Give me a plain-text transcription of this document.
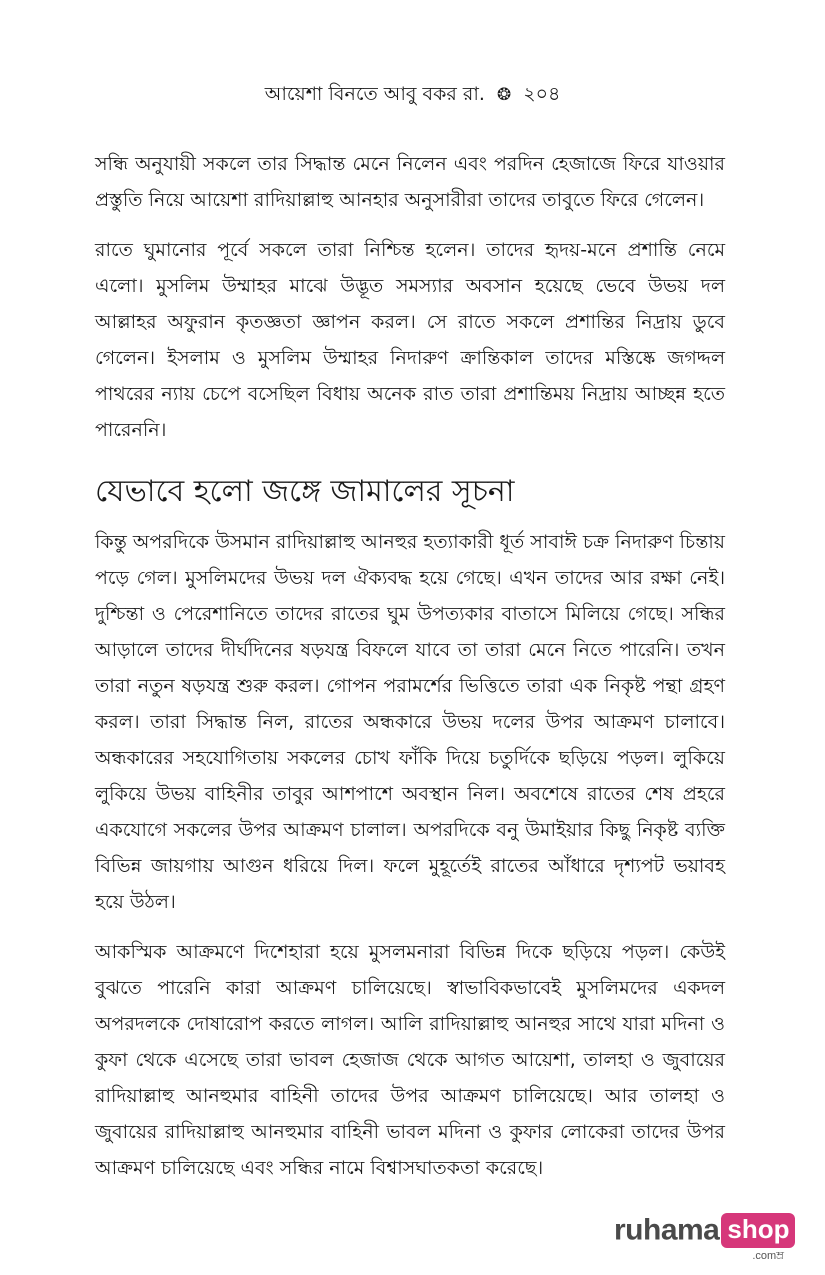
আয়েশা বিনতে আবু বকর রা. ❂ ২০৪

সন্ধি অনুযায়ী সকলে তার সিদ্ধান্ত মেনে নিলেন এবং পরদিন হেজাজে ফিরে যাওয়ার প্রস্তুতি নিয়ে আয়েশা রাদিয়াল্লাহু আনহার অনুসারীরা তাদের তাবুতে ফিরে গেলেন।

রাতে ঘুমানোর পূর্বে সকলে তারা নিশ্চিন্ত হলেন। তাদের হৃদয়-মনে প্রশান্তি নেমে এলো। মুসলিম উম্মাহর মাঝে উদ্ভূত সমস্যার অবসান হয়েছে ভেবে উভয় দল আল্লাহর অফুরান কৃতজ্ঞতা জ্ঞাপন করল। সে রাতে সকলে প্রশান্তির নিদ্রায় ডুবে গেলেন। ইসলাম ও মুসলিম উম্মাহর নিদারুণ ক্রান্তিকাল তাদের মস্তিষ্কে জগদ্দল পাথরের ন্যায় চেপে বসেছিল বিধায় অনেক রাত তারা প্রশান্তিময় নিদ্রায় আচ্ছন্ন হতে পারেননি।

যেভাবে হলো জঙ্গে জামালের সূচনা

কিন্তু অপরদিকে উসমান রাদিয়াল্লাহু আনহুর হত্যাকারী ধূর্ত সাবাঈ চক্র নিদারুণ চিন্তায় পড়ে গেল। মুসলিমদের উভয় দল ঐক্যবদ্ধ হয়ে গেছে। এখন তাদের আর রক্ষা নেই। দুশ্চিন্তা ও পেরেশানিতে তাদের রাতের ঘুম উপত্যকার বাতাসে মিলিয়ে গেছে। সন্ধির আড়ালে তাদের দীর্ঘদিনের ষড়যন্ত্র বিফলে যাবে তা তারা মেনে নিতে পারেনি। তখন তারা নতুন ষড়যন্ত্র শুরু করল। গোপন পরামর্শের ভিত্তিতে তারা এক নিকৃষ্ট পন্থা গ্রহণ করল। তারা সিদ্ধান্ত নিল, রাতের অন্ধকারে উভয় দলের উপর আক্রমণ চালাবে। অন্ধকারের সহযোগিতায় সকলের চোখ ফাঁকি দিয়ে চতুর্দিকে ছড়িয়ে পড়ল। লুকিয়ে লুকিয়ে উভয় বাহিনীর তাবুর আশপাশে অবস্থান নিল। অবশেষে রাতের শেষ প্রহরে একযোগে সকলের উপর আক্রমণ চালাল। অপরদিকে বনু উমাইয়ার কিছু নিকৃষ্ট ব্যক্তি বিভিন্ন জায়গায় আগুন ধরিয়ে দিল। ফলে মুহূর্তেই রাতের আঁধারে দৃশ্যপট ভয়াবহ হয়ে উঠল।

আকস্মিক আক্রমণে দিশেহারা হয়ে মুসলমনারা বিভিন্ন দিকে ছড়িয়ে পড়ল। কেউই বুঝতে পারেনি কারা আক্রমণ চালিয়েছে। স্বাভাবিকভাবেই মুসলিমদের একদল অপরদলকে দোষারোপ করতে লাগল। আলি রাদিয়াল্লাহু আনহুর সাথে যারা মদিনা ও কুফা থেকে এসেছে তারা ভাবল হেজাজ থেকে আগত আয়েশা, তালহা ও জুবায়ের রাদিয়াল্লাহু আনহুমার বাহিনী তাদের উপর আক্রমণ চালিয়েছে। আর তালহা ও জুবায়ের রাদিয়াল্লাহু আনহুমার বাহিনী ভাবল মদিনা ও কুফার লোকেরা তাদের উপর আক্রমণ চালিয়েছে এবং সন্ধির নামে বিশ্বাসঘাতকতা করেছে।

ruhama shop
.comম্র
